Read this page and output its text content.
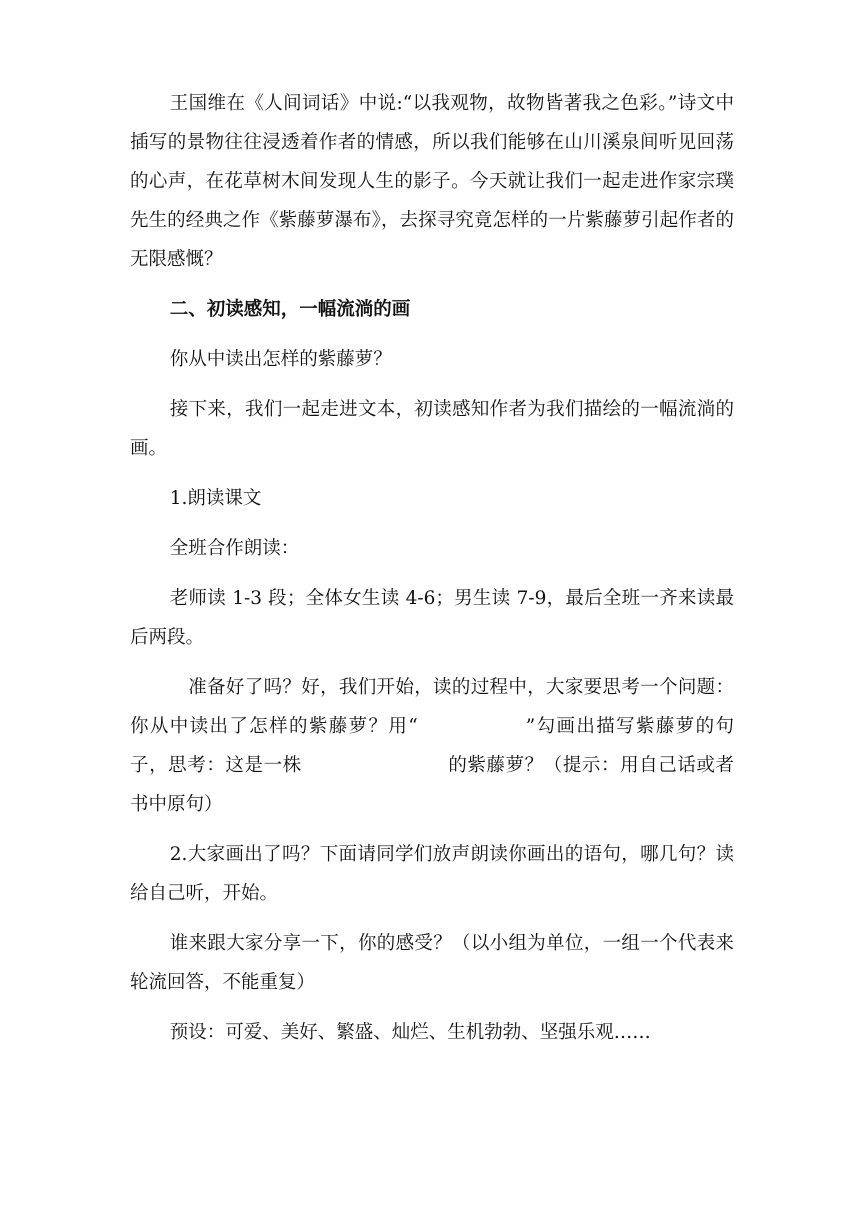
王国维在《人间词话》中说:“以我观物，故物皆著我之色彩。”诗文中插写的景物往往浸透着作者的情感，所以我们能够在山川溪泉间听见回荡的心声，在花草树木间发现人生的影子。今天就让我们一起走进作家宗璞先生的经典之作《紫藤萝瀑布》，去探寻究竟怎样的一片紫藤萝引起作者的无限感慨？

二、初读感知，一幅流淌的画

你从中读出怎样的紫藤萝？

接下来，我们一起走进文本，初读感知作者为我们描绘的一幅流淌的画。

1.朗读课文

全班合作朗读：

老师读 1-3 段；全体女生读 4-6；男生读 7-9，最后全班一齐来读最后两段。

准备好了吗？好，我们开始，读的过程中，大家要思考一个问题：你从中读出了怎样的紫藤萝？用“	”勾画出描写紫藤萝的句子，思考：这是一株	的紫藤萝？（提示：用自己话或者书中原句）

2.大家画出了吗？下面请同学们放声朗读你画出的语句，哪几句？读给自己听，开始。

谁来跟大家分享一下，你的感受？（以小组为单位，一组一个代表来轮流回答，不能重复）

预设：可爱、美好、繁盛、灿烂、生机勃勃、坚强乐观……
